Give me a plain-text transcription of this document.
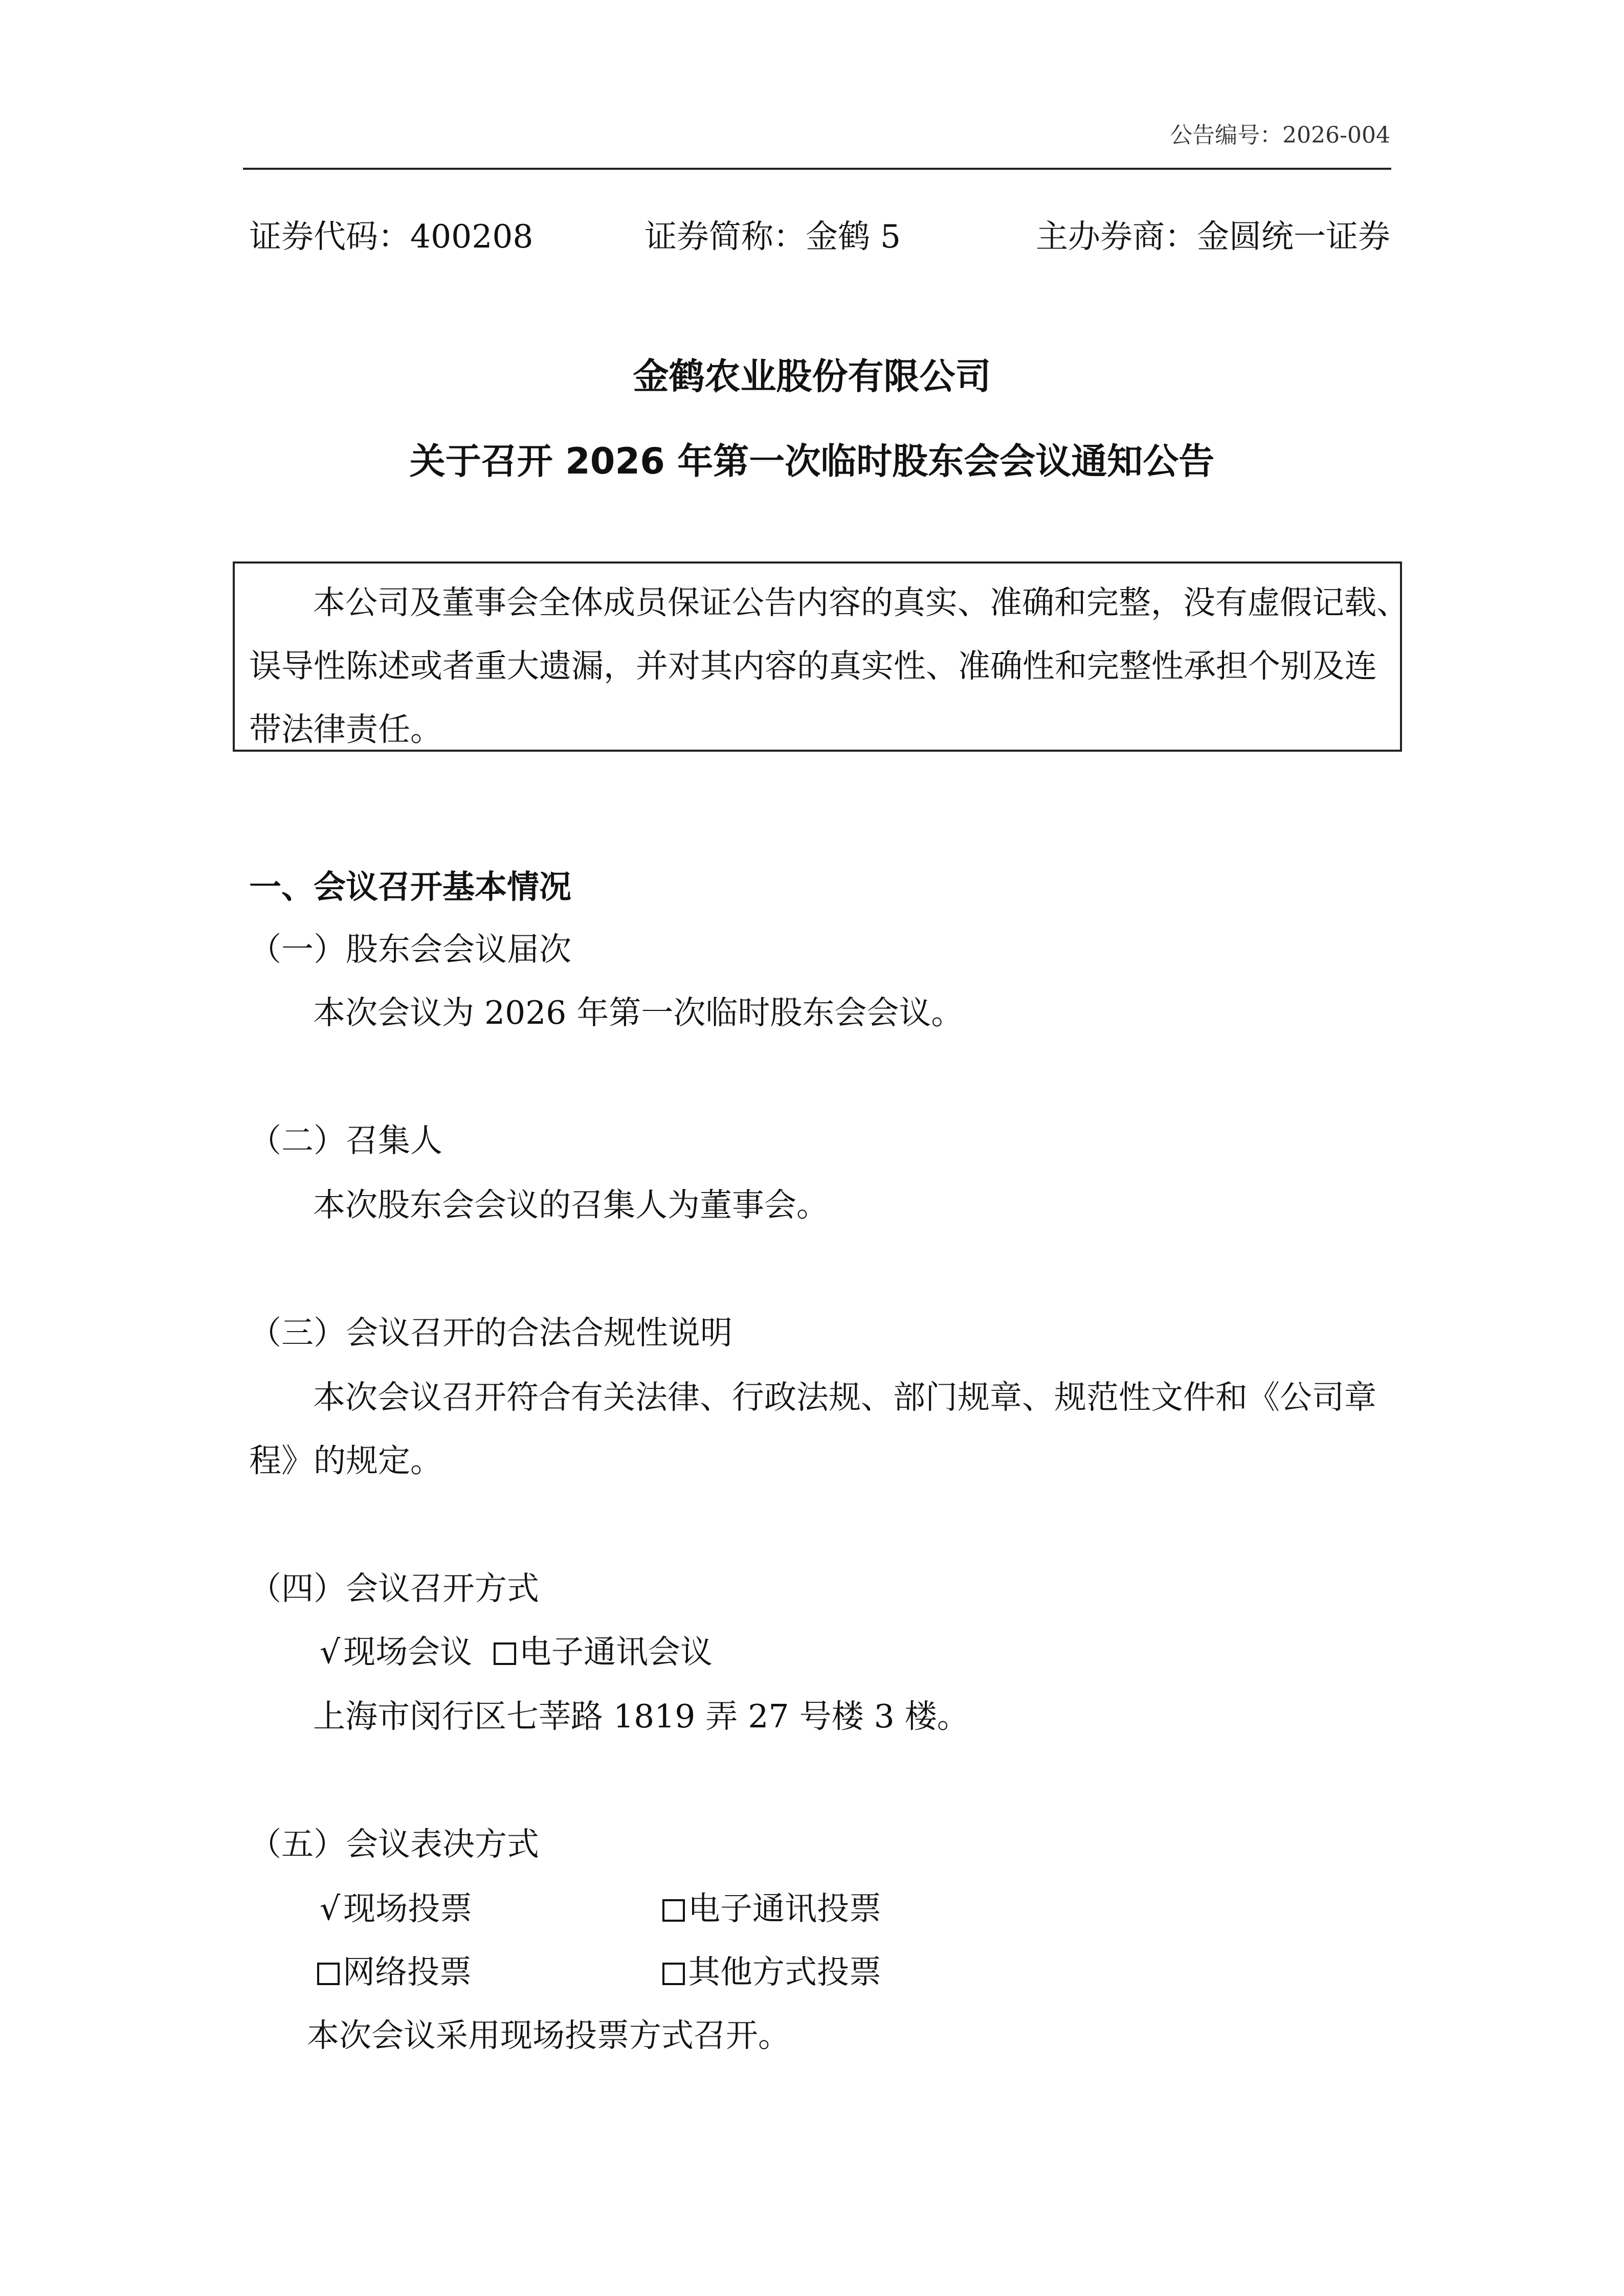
公告编号：2026-004
证券代码：400208	证券简称：金鹤 5	主办券商：金圆统一证券
金鹤农业股份有限公司
关于召开 2026 年第一次临时股东会会议通知公告
本公司及董事会全体成员保证公告内容的真实、准确和完整，没有虚假记载、
误导性陈述或者重大遗漏，并对其内容的真实性、准确性和完整性承担个别及连
带法律责任。
一、会议召开基本情况
（一）股东会会议届次
本次会议为 2026 年第一次临时股东会会议。
（二）召集人
本次股东会会议的召集人为董事会。
（三）会议召开的合法合规性说明
本次会议召开符合有关法律、行政法规、部门规章、规范性文件和《公司章
程》的规定。
（四）会议召开方式
√现场会议	电子通讯会议
上海市闵行区七莘路 1819 弄 27 号楼 3 楼。
（五）会议表决方式
√现场投票	电子通讯投票
网络投票	其他方式投票
本次会议采用现场投票方式召开。
